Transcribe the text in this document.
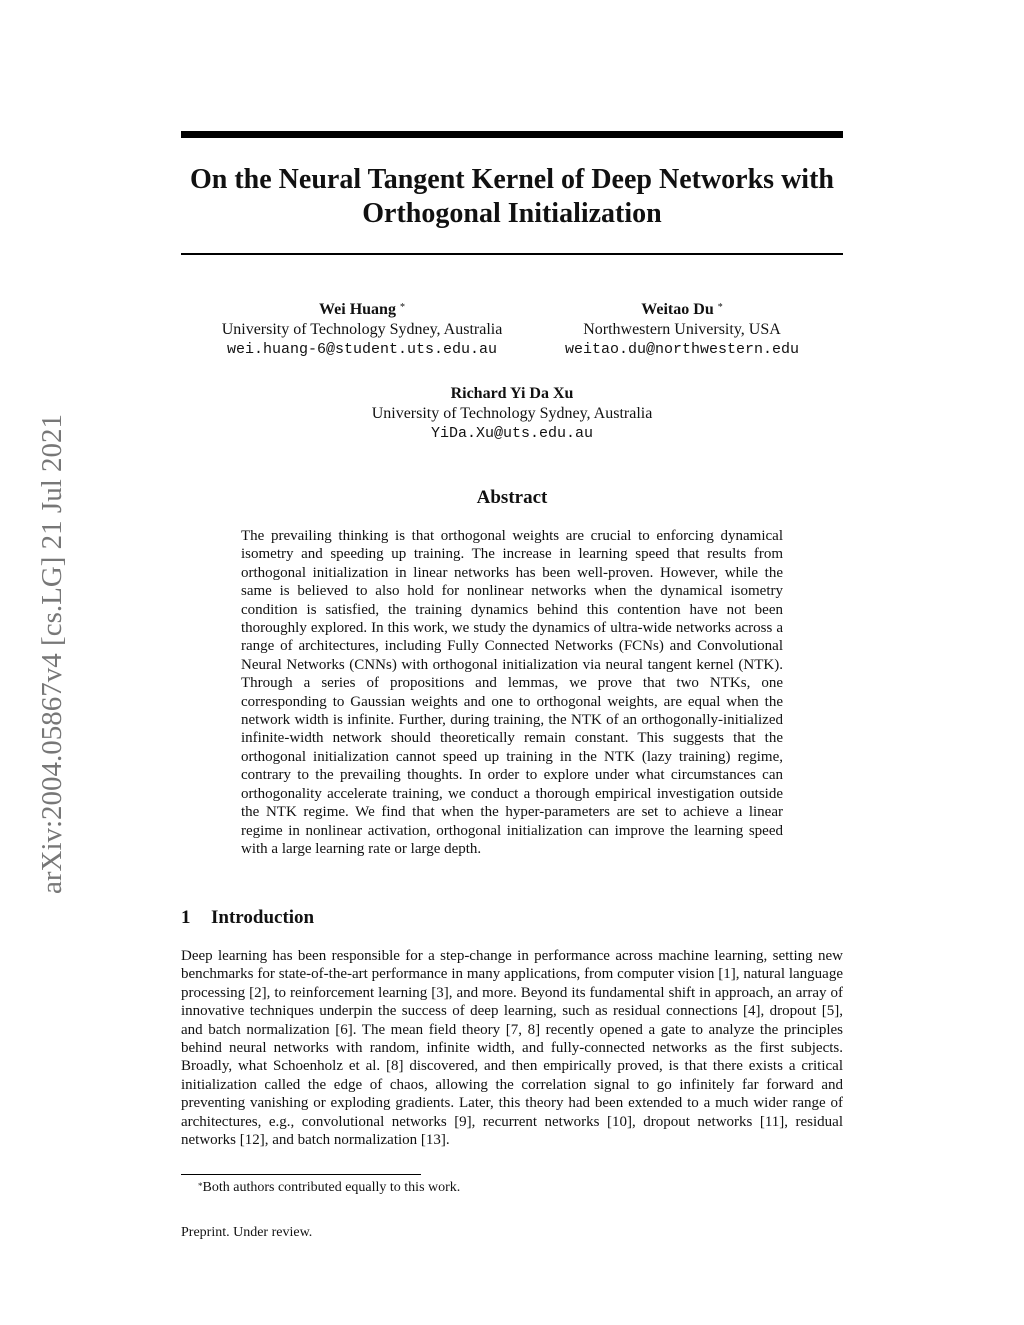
arXiv:2004.05867v4 [cs.LG] 21 Jul 2021
On the Neural Tangent Kernel of Deep Networks with Orthogonal Initialization
Wei Huang *
University of Technology Sydney, Australia
wei.huang-6@student.uts.edu.au
Weitao Du *
Northwestern University, USA
weitao.du@northwestern.edu
Richard Yi Da Xu
University of Technology Sydney, Australia
YiDa.Xu@uts.edu.au
Abstract

The prevailing thinking is that orthogonal weights are crucial to enforcing dynamical isometry and speeding up training. The increase in learning speed that results from orthogonal initialization in linear networks has been well-proven. However, while the same is believed to also hold for nonlinear networks when the dynamical isometry condition is satisfied, the training dynamics behind this contention have not been thoroughly explored. In this work, we study the dynamics of ultra-wide networks across a range of architectures, including Fully Connected Networks (FCNs) and Convolutional Neural Networks (CNNs) with orthogonal initialization via neural tangent kernel (NTK). Through a series of propositions and lemmas, we prove that two NTKs, one corresponding to Gaussian weights and one to orthogonal weights, are equal when the network width is infinite. Further, during training, the NTK of an orthogonally-initialized infinite-width network should theoretically remain constant. This suggests that the orthogonal initialization cannot speed up training in the NTK (lazy training) regime, contrary to the prevailing thoughts. In order to explore under what circumstances can orthogonality accelerate training, we conduct a thorough empirical investigation outside the NTK regime. We find that when the hyper-parameters are set to achieve a linear regime in nonlinear activation, orthogonal initialization can improve the learning speed with a large learning rate or large depth.

1 Introduction

Deep learning has been responsible for a step-change in performance across machine learning, setting new benchmarks for state-of-the-art performance in many applications, from computer vision [1], natural language processing [2], to reinforcement learning [3], and more. Beyond its fundamental shift in approach, an array of innovative techniques underpin the success of deep learning, such as residual connections [4], dropout [5], and batch normalization [6]. The mean field theory [7, 8] recently opened a gate to analyze the principles behind neural networks with random, infinite width, and fully-connected networks as the first subjects. Broadly, what Schoenholz et al. [8] discovered, and then empirically proved, is that there exists a critical initialization called the edge of chaos, allowing the correlation signal to go infinitely far forward and preventing vanishing or exploding gradients. Later, this theory had been extended to a much wider range of architectures, e.g., convolutional networks [9], recurrent networks [10], dropout networks [11], residual networks [12], and batch normalization [13].

*Both authors contributed equally to this work.
Preprint. Under review.
